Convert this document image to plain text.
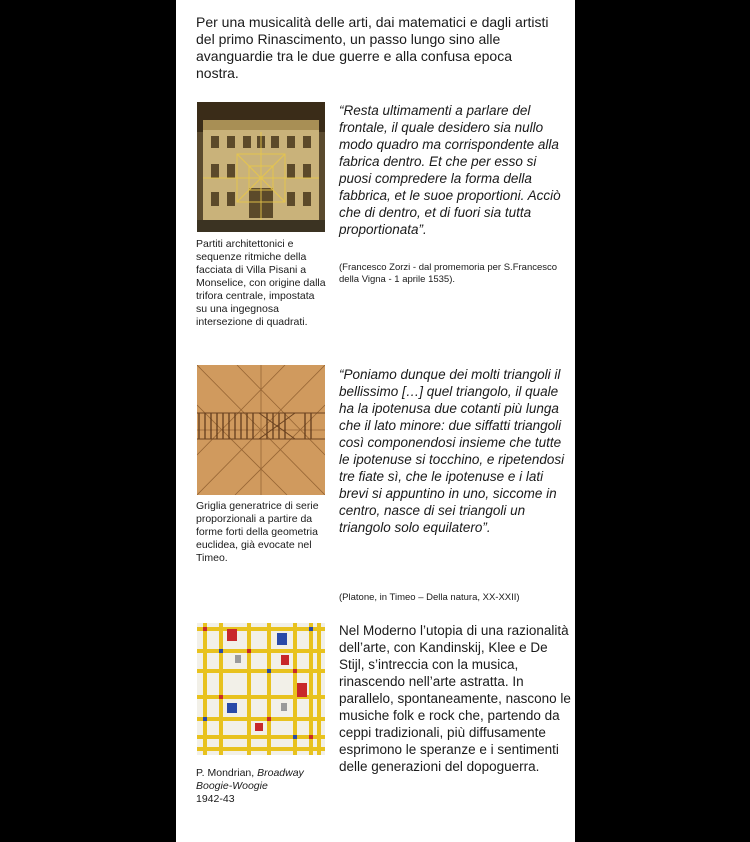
Per una musicalità delle arti, dai matematici e dagli artisti del primo Rinascimento, un passo lungo sino alle avanguardie tra le due guerre e alla confusa epoca nostra.
Partiti architettonici e sequenze ritmiche della facciata di Villa Pisani a Monselice, con origine dalla trifora centrale, impostata su una ingegnosa intersezione di quadrati.
“Resta ultimamenti a parlare del frontale, il quale desidero sia nullo modo quadro ma corrispondente alla fabrica dentro. Et che per esso si puosi compredere la forma della fabbrica, et le suoe proportioni. Acciò che di dentro, et di fuori sia tutta proportionata”.
(Francesco Zorzi - dal promemoria per S.Francesco della Vigna - 1 aprile 1535).
Griglia generatrice di serie proporzionali a partire da forme forti della geometria euclidea, già evocate nel Timeo.
“Poniamo dunque dei molti triangoli il bellissimo […] quel triangolo, il quale ha la ipotenusa due cotanti più lunga che il lato minore: due siffatti triangoli così componendosi insieme che tutte le ipotenuse si tocchino, e ripetendosi tre fiate sì, che le ipotenuse e i lati brevi si appuntino in uno, siccome in centro, nasce di sei triangoli un triangolo solo equilatero”.
(Platone, in Timeo – Della natura, XX-XXII)
P. Mondrian, Broadway Boogie-Woogie
1942-43
Nel Moderno l’utopia di una razionalità dell’arte, con Kandinskij, Klee e De Stijl, s’intreccia con la musica, rinascendo nell’arte astratta. In parallelo, spontaneamente, nascono le musiche folk e rock che, partendo da ceppi tradizionali, più diffusamente esprimono le speranze e i sentimenti delle generazioni del dopoguerra.
